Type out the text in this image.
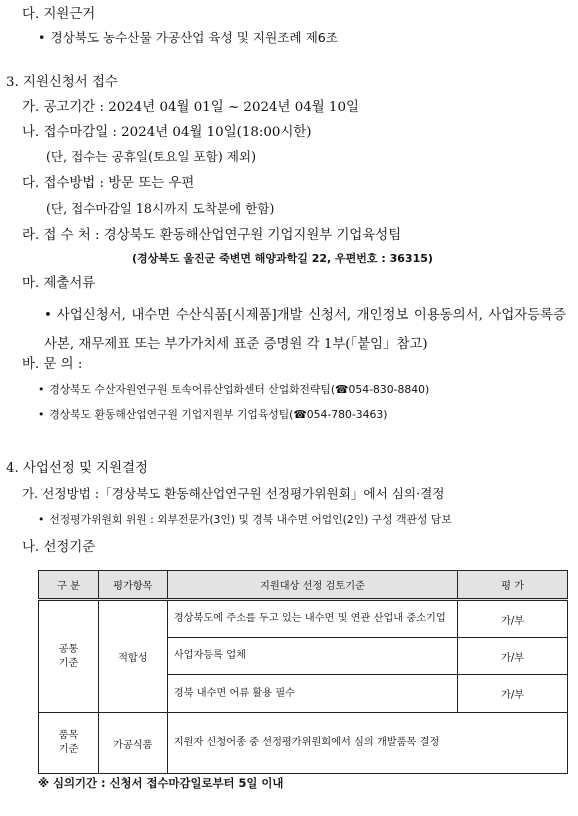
다. 지원근거
• 경상북도 농수산물 가공산업 육성 및 지원조례 제6조
3. 지원신청서 접수
가. 공고기간 : 2024년 04월 01일 ~ 2024년 04월 10일
나. 접수마감일 : 2024년 04월 10일(18:00시한)
(단, 접수는 공휴일(토요일 포함) 제외)
다. 접수방법 : 방문 또는 우편
(단, 접수마감일 18시까지 도착분에 한함)
라. 접 수 처 : 경상북도 환동해산업연구원 기업지원부 기업육성팀
(경상북도 울진군 죽변면 해양과학길 22, 우편번호 : 36315)
마. 제출서류
• 사업신청서, 내수면 수산식품[시제품]개발 신청서, 개인정보 이용동의서, 사업자등록증 사본, 재무제표 또는 부가가치세 표준 증명원 각 1부(「붙임」참고)
바. 문 의 :
• 경상북도 수산자원연구원 토속어류산업화센터 산업화전략팀(☎054-830-8840)
• 경상북도 환동해산업연구원 기업지원부 기업육성팀(☎054-780-3463)
4. 사업선정 및 지원결정
가. 선정방법 :「경상북도 환동해산업연구원 선정평가위원회」에서 심의·결정
• 선정평가위원회 위원 : 외부전문가(3인) 및 경북 내수면 어업인(2인) 구성 객관성 담보
나. 선정기준
구 분	평가항목	지원대상 선정 검토기준	평 가
공통
기준	적합성	경상북도에 주소를 두고 있는 내수면 및 연관 산업내 중소기업	가/부
		사업자등록 업체	가/부
		경북 내수면 어류 활용 필수	가/부
품목
기준	가공식품	지원자 신청어종 중 선정평가위원회에서 심의 개발품목 결정	
※ 심의기간 : 신청서 접수마감일로부터 5일 이내
